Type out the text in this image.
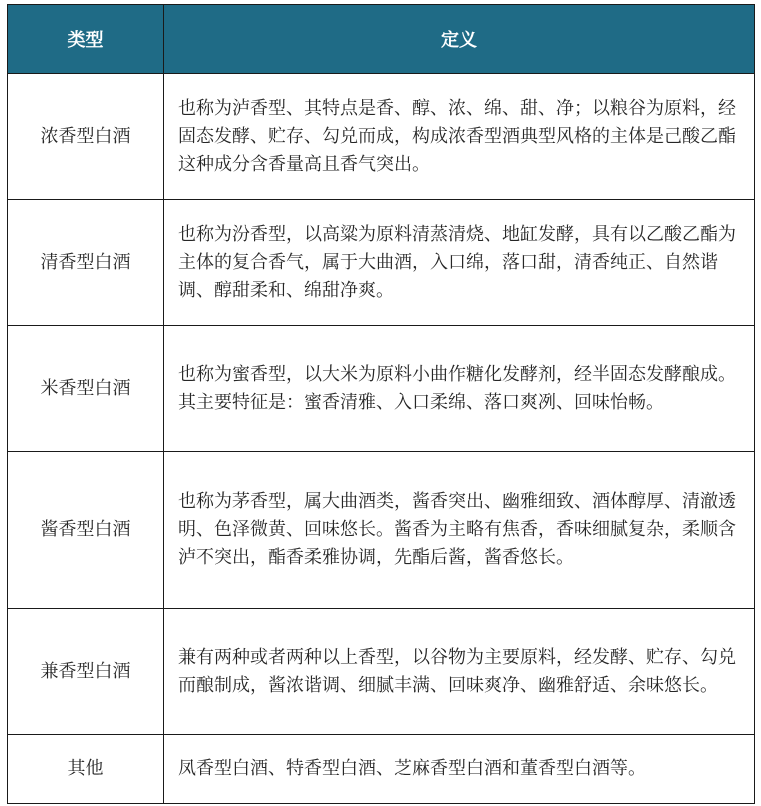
类型	定义
浓香型白酒	也称为泸香型、其特点是香、醇、浓、绵、甜、净；以粮谷为原料，经固态发酵、贮存、勾兑而成，构成浓香型酒典型风格的主体是己酸乙酯这种成分含香量高且香气突出。
清香型白酒	也称为汾香型，以高粱为原料清蒸清烧、地缸发酵，具有以乙酸乙酯为主体的复合香气，属于大曲酒，入口绵，落口甜，清香纯正、自然谐调、醇甜柔和、绵甜净爽。
米香型白酒	也称为蜜香型，以大米为原料小曲作糖化发酵剂，经半固态发酵酿成。其主要特征是：蜜香清雅、入口柔绵、落口爽冽、回味怡畅。
酱香型白酒	也称为茅香型，属大曲酒类，酱香突出、幽雅细致、酒体醇厚、清澈透明、色泽微黄、回味悠长。酱香为主略有焦香，香味细腻复杂，柔顺含泸不突出，酯香柔雅协调，先酯后酱，酱香悠长。
兼香型白酒	兼有两种或者两种以上香型，以谷物为主要原料，经发酵、贮存、勾兑而酿制成，酱浓谐调、细腻丰满、回味爽净、幽雅舒适、余味悠长。
其他	凤香型白酒、特香型白酒、芝麻香型白酒和董香型白酒等。
